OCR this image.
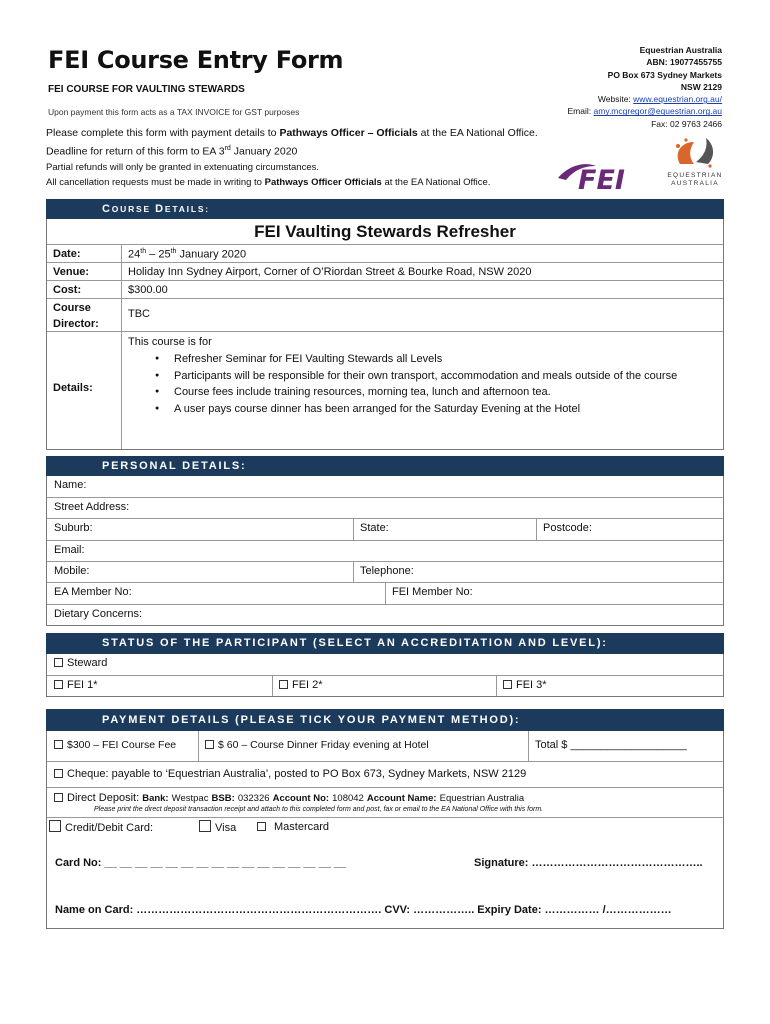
FEI Course Entry Form
FEI COURSE FOR VAULTING STEWARDS
Upon payment this form acts as a TAX INVOICE for GST purposes
Equestrian Australia
ABN: 19077455755
PO Box 673 Sydney Markets
NSW 2129
Website: www.equestrian.org.au/
Email: amy.mcgregor@equestrian.org.au
Fax: 02 9763 2466
Please complete this form with payment details to Pathways Officer – Officials at the EA National Office.
Deadline for return of this form to EA 3rd January 2020
Partial refunds will only be granted in extenuating circumstances.
All cancellation requests must be made in writing to Pathways Officer Officials at the EA National Office.	FEI	EQUESTRIAN
AUSTRALIA
COURSE DETAILS:
FEI Vaulting Stewards Refresher
Date:	24th – 25th January 2020
Venue:	Holiday Inn Sydney Airport, Corner of O’Riordan Street & Bourke Road, NSW 2020
Cost:	$300.00
Course
Director:
TBC
Details:
This course is for
● Refresher Seminar for FEI Vaulting Stewards all Levels
● Participants will be responsible for their own transport, accommodation and meals outside of the course
● Course fees include training resources, morning tea, lunch and afternoon tea.
● A user pays course dinner has been arranged for the Saturday Evening at the Hotel
PERSONAL DETAILS:
Name:
Street Address:
Suburb:	State:	Postcode:
Email:
Mobile:	Telephone:
EA Member No:	FEI Member No:
Dietary Concerns:
STATUS OF THE PARTICIPANT (SELECT AN ACCREDITATION AND LEVEL):
Steward
FEI 1*	FEI 2*	FEI 3*
PAYMENT DETAILS (PLEASE TICK YOUR PAYMENT METHOD):
$300 – FEI Course Fee	$ 60 – Course Dinner Friday evening at Hotel	Total $ ___________________
Cheque: payable to ‘Equestrian Australia’, posted to PO Box 673, Sydney Markets, NSW 2129
Direct Deposit: Bank: Westpac BSB: 032326 Account No: 108042 Account Name: Equestrian Australia
Please print the direct deposit transaction receipt and attach to this completed form and post, fax or email to the EA National Office with this form.
Credit/Debit Card:	Visa	Mastercard
Card No: __ __ __ __ __ __ __ __ __ __ __ __ __ __ __ __	Signature: ………………………………………..
Name on Card: …………………………………………………………. CVV: …………….. Expiry Date: …………… /………………
